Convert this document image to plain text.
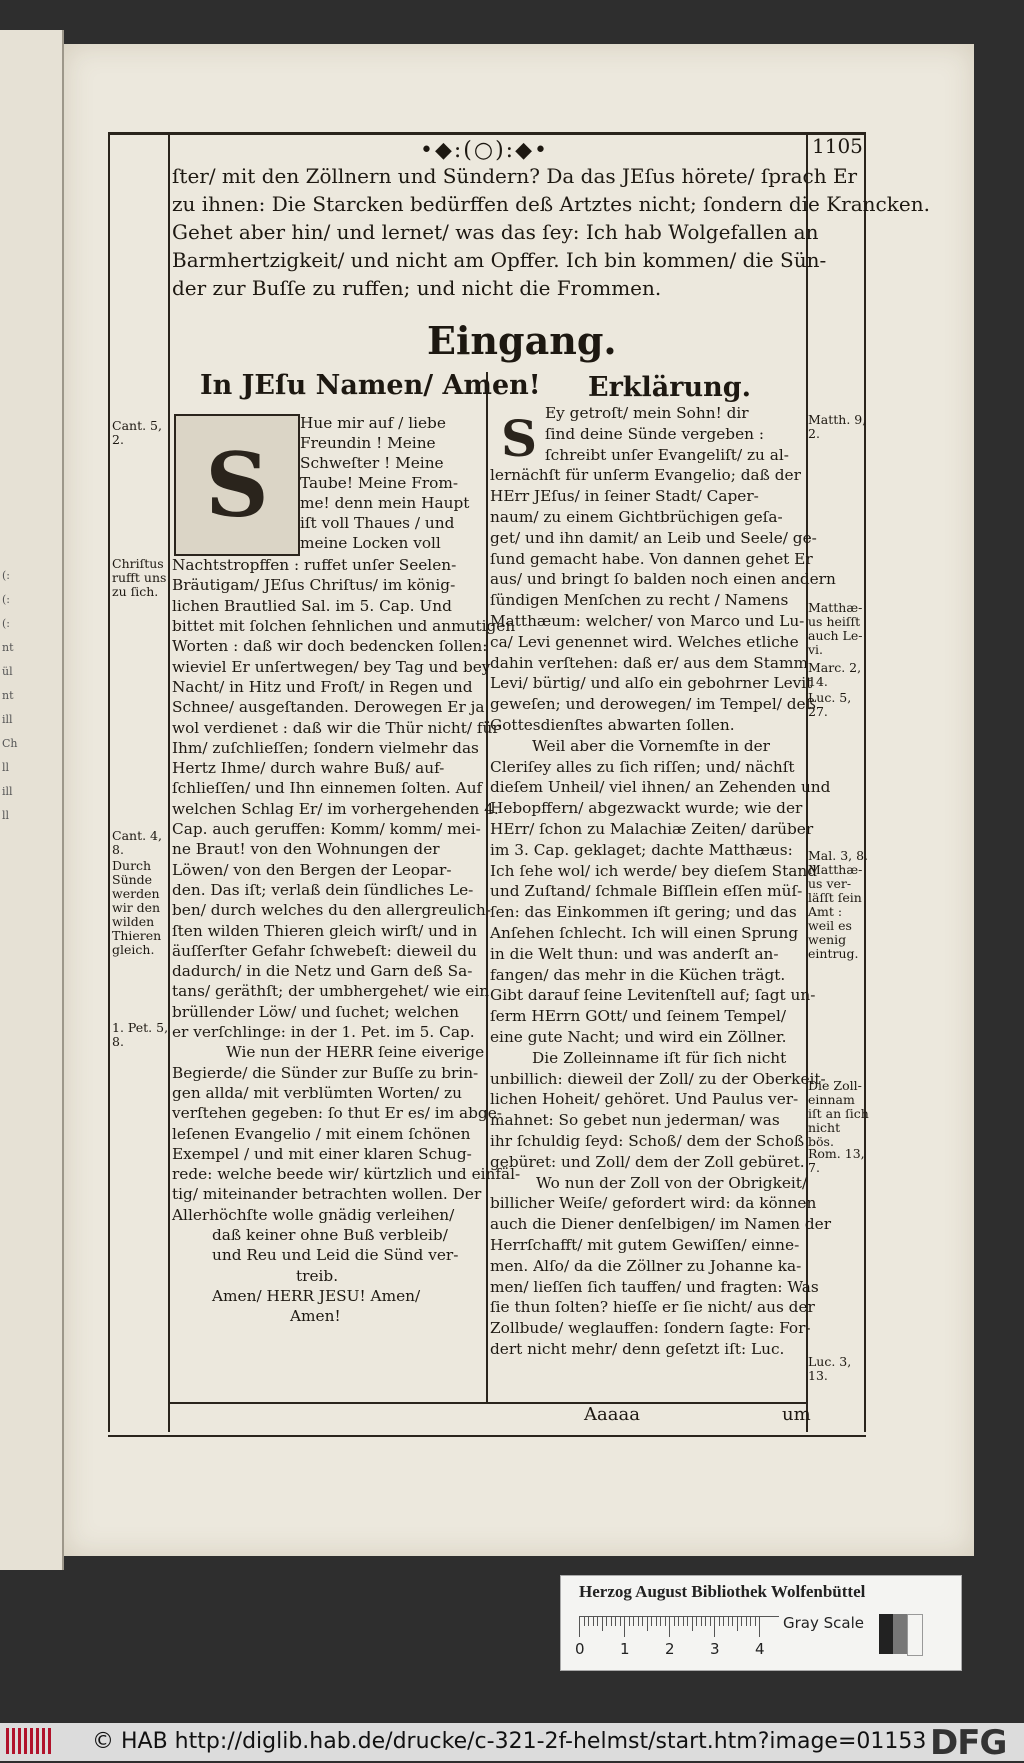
(:
(:
(:
nt
ül
nt
ill
Ch
ll
ill
ll
•◆:(○):◆•	1105
ſter/ mit den Zöllnern und Sündern? Da das JEſus hörete/ ſprach Er
zu ihnen: Die Starcken bedürffen deß Artztes nicht; ſondern die Krancken.
Gehet aber hin/ und lernet/ was das ſey: Ich hab Wolgefallen an
Barmhertzigkeit/ und nicht am Opffer. Ich bin kommen/ die Sün-
der zur Buſſe zu ruffen; und nicht die Frommen.
Eingang.
In JEſu Namen/ Amen! Erklärung.
S	S
Hue mir auf / liebe
Freundin ! Meine
Schweſter ! Meine
Taube! Meine From-
me! denn mein Haupt
iſt voll Thaues / und
meine Locken voll
Nachtstropffen : ruffet unſer Seelen-
Bräutigam/ JEſus Chriſtus/ im könig-
lichen Brautlied Sal. im 5. Cap. Und
bittet mit ſolchen ſehnlichen und anmutigen
Worten : daß wir doch bedencken ſollen:
wieviel Er unſertwegen/ bey Tag und bey
Nacht/ in Hitz und Froſt/ in Regen und
Schnee/ ausgeſtanden. Derowegen Er ja
wol verdienet : daß wir die Thür nicht/ für
Ihm/ zuſchlieſſen; ſondern vielmehr das
Hertz Ihme/ durch wahre Buß/ auf-
ſchlieſſen/ und Ihn einnemen ſolten. Auf
welchen Schlag Er/ im vorhergehenden 4.
Cap. auch geruffen: Komm/ komm/ mei-
ne Braut! von den Wohnungen der
Löwen/ von den Bergen der Leopar-
den. Das iſt; verlaß dein ſündliches Le-
ben/ durch welches du den allergreulich-
ſten wilden Thieren gleich wirſt/ und in
äuſſerſter Gefahr ſchwebeſt: dieweil du
dadurch/ in die Netz und Garn deß Sa-
tans/ geräthſt; der umbhergehet/ wie ein
brüllender Löw/ und ſuchet; welchen
er verſchlinge: in der 1. Pet. im 5. Cap.
Wie nun der HERR ſeine eiverige
Begierde/ die Sünder zur Buſſe zu brin-
gen allda/ mit verblümten Worten/ zu
verſtehen gegeben: ſo thut Er es/ im abge-
leſenen Evangelio / mit einem ſchönen
Exempel / und mit einer klaren Schug-
rede: welche beede wir/ kürtzlich und einfäl-
tig/ miteinander betrachten wollen. Der
Allerhöchſte wolle gnädig verleihen/
daß keiner ohne Buß verbleib/
und Reu und Leid die Sünd ver-
treib.
Amen/ HERR JESU! Amen/
Amen!
Ey getroſt/ mein Sohn! dir
ſind deine Sünde vergeben :
ſchreibt unſer Evangeliſt/ zu al-
lernächſt für unſerm Evangelio; daß der
HErr JEſus/ in ſeiner Stadt/ Caper-
naum/ zu einem Gichtbrüchigen geſa-
get/ und ihn damit/ an Leib und Seele/ ge-
ſund gemacht habe. Von dannen gehet Er
aus/ und bringt ſo balden noch einen andern
ſündigen Menſchen zu recht / Namens
Matthæum: welcher/ von Marco und Lu-
ca/ Levi genennet wird. Welches etliche
dahin verſtehen: daß er/ aus dem Stamm
Levi/ bürtig/ und alſo ein gebohrner Levit
geweſen; und derowegen/ im Tempel/ deß
Gottesdienſtes abwarten ſollen.
Weil aber die Vornemſte in der
Cleriſey alles zu ſich riſſen; und/ nächſt
dieſem Unheil/ viel ihnen/ an Zehenden und
Hebopffern/ abgezwackt wurde; wie der
HErr/ ſchon zu Malachiæ Zeiten/ darüber
im 3. Cap. geklaget; dachte Matthæus:
Ich ſehe wol/ ich werde/ bey dieſem Stand
und Zuſtand/ ſchmale Biſſlein eſſen müſ-
ſen: das Einkommen iſt gering; und das
Anſehen ſchlecht. Ich will einen Sprung
in die Welt thun: und was anderſt an-
fangen/ das mehr in die Küchen trägt.
Gibt darauf ſeine Levitenſtell auf; ſagt un-
ſerm HErrn GOtt/ und ſeinem Tempel/
eine gute Nacht; und wird ein Zöllner.
Die Zolleinname iſt für ſich nicht
unbillich: dieweil der Zoll/ zu der Oberkeit-
lichen Hoheit/ gehöret. Und Paulus ver-
mahnet: So gebet nun jederman/ was
ihr ſchuldig ſeyd: Schoß/ dem der Schoß
gebüret: und Zoll/ dem der Zoll gebüret.
Wo nun der Zoll von der Obrigkeit/
billicher Weiſe/ gefordert wird: da können
auch die Diener denſelbigen/ im Namen der
Herrſchafft/ mit gutem Gewiſſen/ einne-
men. Alſo/ da die Zöllner zu Johanne ka-
men/ lieſſen ſich tauffen/ und fragten: Was
ſie thun ſolten? hieſſe er ſie nicht/ aus der
Zollbude/ weglauffen: ſondern ſagte: For-
dert nicht mehr/ denn geſetzt iſt: Luc.
Cant. 5,
2.
Chriſtus
rufft uns
zu ſich.
Cant. 4,
8.
Durch
Sünde
werden
wir den
wilden
Thieren
gleich.
1. Pet. 5,
8.
Matth. 9,
2.
Matthæ-
us heiſſt
auch Le-
vi.
Marc. 2,
14.
Luc. 5,
27.
Mal. 3, 8.
Matthæ-
us ver-
läſſt ſein
Amt :
weil es
wenig
eintrug.
Die Zoll-
einnam
iſt an ſich
nicht
bös.
Rom. 13,
7.
Luc. 3,
13.
Aaaaa	um
Herzog August Bibliothek Wolfenbüttel
Gray Scale
0 1 2 3 4
© HAB http://diglib.hab.de/drucke/c-321-2f-helmst/start.htm?image=01153 DFG
